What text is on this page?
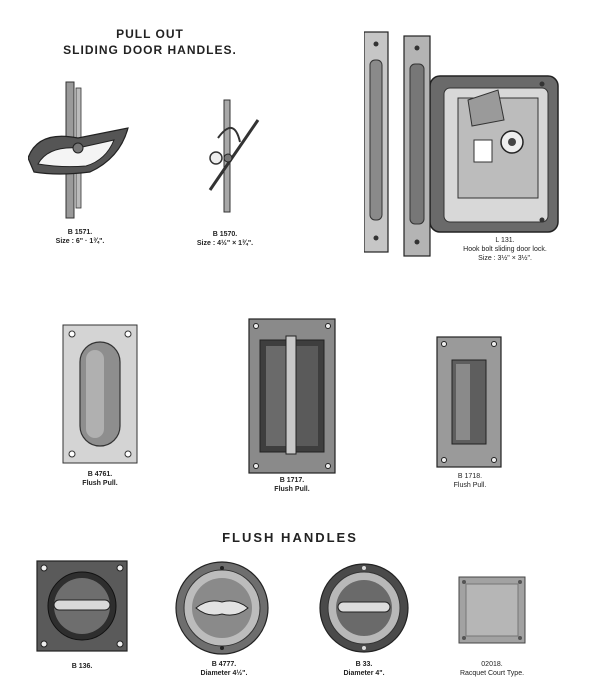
PULL OUT
SLIDING DOOR HANDLES.
FLUSH HANDLES
B 1571.
Size : 6" · 1¾".
B 1570.
Size : 4½" × 1¾".	L 131.
Hook bolt sliding door lock.
Size : 3½" × 3½".
B 4761.
Flush Pull.	B 1717.
Flush Pull.
B 1718.
Flush Pull.
B 136.	B 4777.
Diameter 4½".
B 33.
Diameter 4".
02018.
Racquet Court Type.
